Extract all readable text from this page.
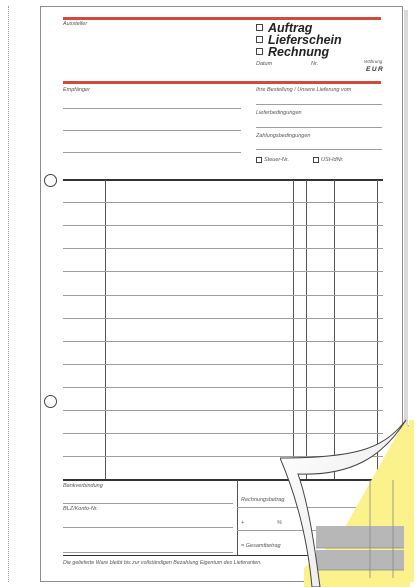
Aussteller	Auftrag
Lieferschein
Rechnung
Datum	Nr.	Währung
EUR
Empfänger	Ihre Bestellung / Unsere Lieferung vom
Lieferbedingungen
Zahlungsbedingungen
Steuer-Nr.	USt-IdNr.
Bankverbindung
BLZ/Konto-Nr.
Rechnungsbetrag
+	%
= Gesamtbetrag
Die gelieferte Ware bleibt bis zur vollständigen Bezahlung Eigentum des Lieferanten.
